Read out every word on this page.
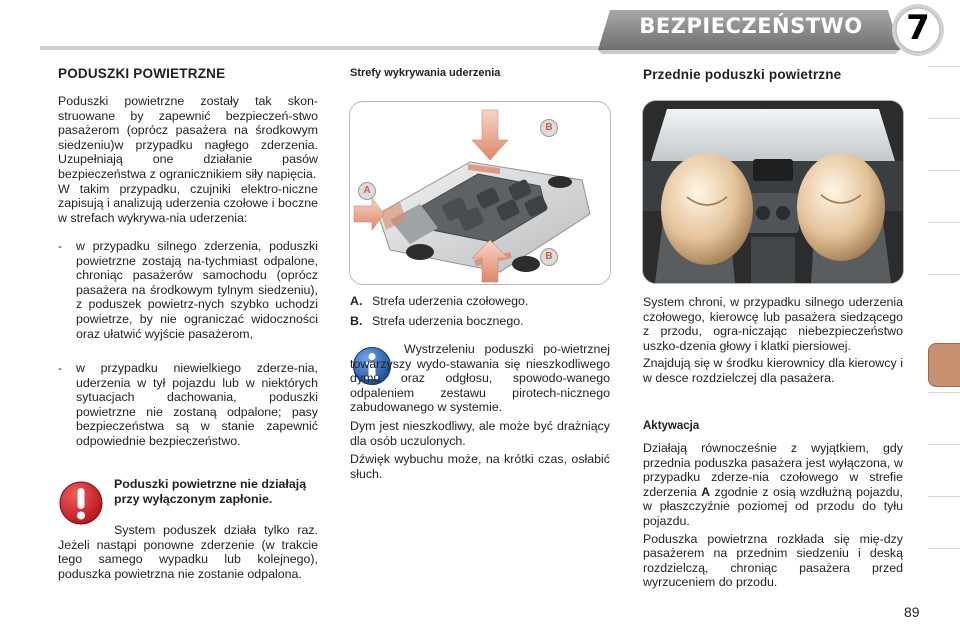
BEZPIECZEŃSTWO	7
PODUSZKI POWIETRZNE

Poduszki powietrzne zostały tak skon-struowane by zapewnić bezpieczeń-stwo pasażerom (oprócz pasażera na środkowym siedzeniu)w przypadku nagłego zderzenia. Uzupełniają one działanie pasów bezpieczeństwa z ogranicznikiem siły napięcia.

W takim przypadku, czujniki elektro-niczne zapisują i analizują uderzenia czołowe i boczne w strefach wykrywa-nia uderzenia:

- w przypadku silnego zderzenia, poduszki powietrzne zostają na-tychmiast odpalone, chroniąc pasażerów samochodu (oprócz pasażera na środkowym tylnym siedzeniu), z poduszek powietrz-nych szybko uchodzi powietrze, by nie ograniczać widoczności oraz ułatwić wyjście pasażerom,
- w przypadku niewielkiego zderze-nia, uderzenia w tył pojazdu lub w niektórych sytuacjach dachowania, poduszki powietrzne nie zostaną odpalone; pasy bezpieczeństwa są w stanie zapewnić odpowiednie bezpieczeństwo.
Poduszki powietrzne nie działają przy wyłączonym zapłonie.
System poduszek działa tylko raz. Jeżeli nastąpi ponowne zderzenie (w trakcie tego samego wypadku lub kolejnego), poduszka powietrzna nie zostanie odpalona.
Strefy wykrywania uderzenia
B
A
B
A. Strefa uderzenia czołowego.
B. Strefa uderzenia bocznego.

Wystrzeleniu poduszki po-wietrznej towarzyszy wydo-stawania się nieszkodliwego dymu oraz odgłosu, spowodo-wanego odpaleniem zestawu pirotech-nicznego zabudowanego w systemie.

Dym jest nieszkodliwy, ale może być drażniący dla osób uczulonych.

Dźwięk wybuchu może, na krótki czas, osłabić słuch.

Przednie poduszki powietrzne

System chroni, w przypadku silnego uderzenia czołowego, kierowcę lub pasażera siedzącego z przodu, ogra-niczając niebezpieczeństwo uszko-dzenia głowy i klatki piersiowej.

Znajdują się w środku kierownicy dla kierowcy i w desce rozdzielczej dla pasażera.

Aktywacja

Działają równocześnie z wyjątkiem, gdy przednia poduszka pasażera jest wyłączona, w przypadku zderze-nia czołowego w strefie zderzenia A zgodnie z osią wzdłużną pojazdu, w płaszczyźnie poziomej od przodu do tyłu pojazdu.

Poduszka powietrzna rozkłada się mię-dzy pasażerem na przednim siedzeniu i deską rozdzielczą, chroniąc pasażera przed wyrzuceniem do przodu.

89
